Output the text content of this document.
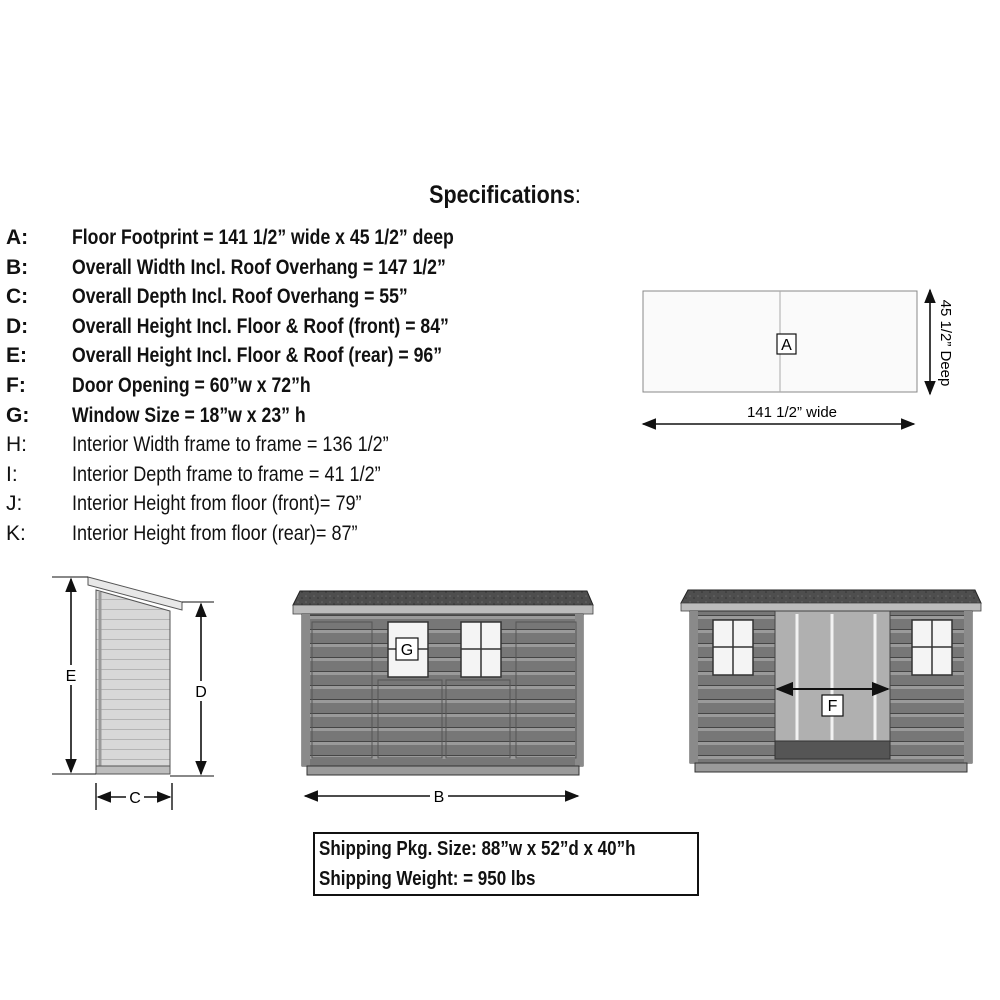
Specifications:
A: Floor Footprint = 141 1/2” wide x 45 1/2” deep
B: Overall Width Incl. Roof Overhang = 147 1/2”
C: Overall Depth Incl. Roof Overhang = 55”
D: Overall Height Incl. Floor & Roof (front) = 84”
E: Overall Height Incl. Floor & Roof (rear) = 96”
F: Door Opening = 60”w x 72”h
G: Window Size = 18”w x 23” h
H: Interior Width frame to frame = 136 1/2”
I:	Interior Depth frame to frame = 41 1/2”
J: Interior Height from floor (front)= 79”
K: Interior Height from floor (rear)= 87”
A
141 1/2” wide
45 1/2” Deep
E
D
C
G
B
F
Shipping Pkg. Size: 88”w x 52”d x 40”h
Shipping Weight: = 950 lbs
